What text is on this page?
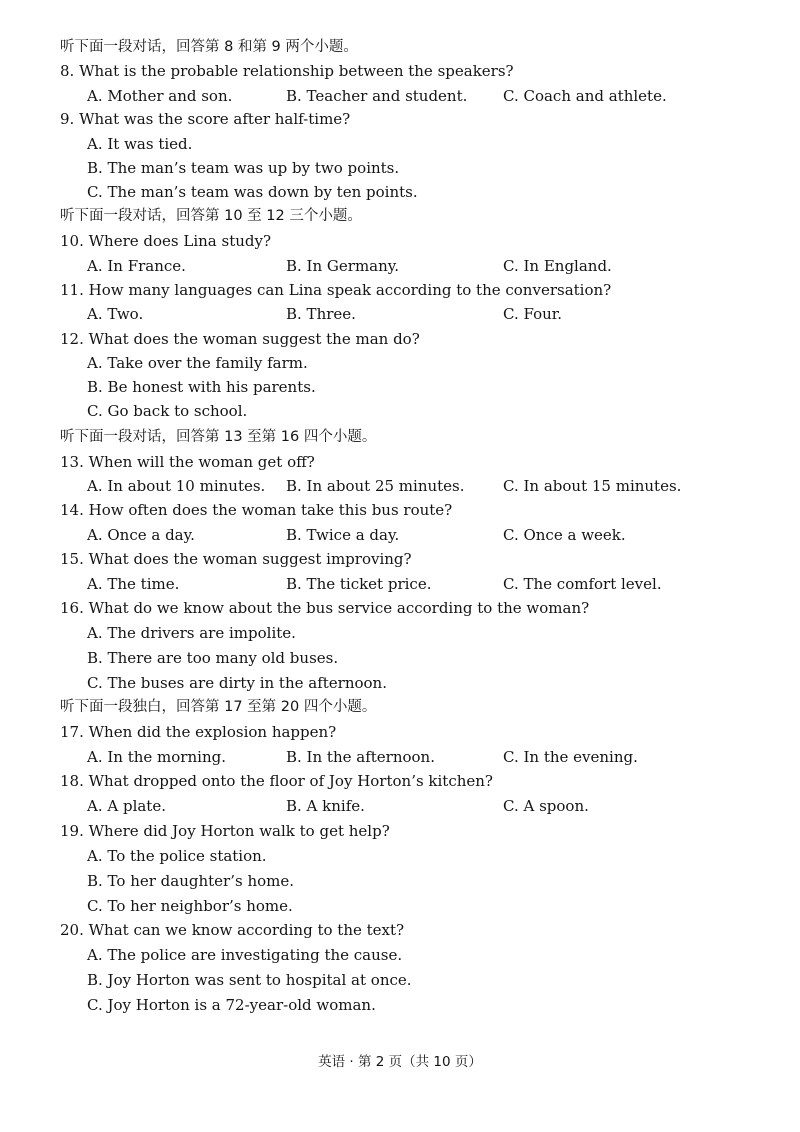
听下面一段对话，回答第 8 和第 9 两个小题。
8. What is the probable relationship between the speakers?
A. Mother and son.	B. Teacher and student. C. Coach and athlete.
9. What was the score after half-time?
A. It was tied.
B. The man’s team was up by two points.
C. The man’s team was down by ten points.
听下面一段对话，回答第 10 至 12 三个小题。
10. Where does Lina study?
A. In France.	B. In Germany.	C. In England.
11. How many languages can Lina speak according to the conversation?
A. Two.	B. Three.	C. Four.
12. What does the woman suggest the man do?
A. Take over the family farm.
B. Be honest with his parents.
C. Go back to school.
听下面一段对话，回答第 13 至第 16 四个小题。
13. When will the woman get off?
A. In about 10 minutes. B. In about 25 minutes.	C. In about 15 minutes.
14. How often does the woman take this bus route?
A. Once a day.	B. Twice a day.	C. Once a week.
15. What does the woman suggest improving?
A. The time.	B. The ticket price.	C. The comfort level.
16. What do we know about the bus service according to the woman?
A. The drivers are impolite.
B. There are too many old buses.
C. The buses are dirty in the afternoon.
听下面一段独白，回答第 17 至第 20 四个小题。
17. When did the explosion happen?
A. In the morning.	B. In the afternoon.	C. In the evening.
18. What dropped onto the floor of Joy Horton’s kitchen?
A. A plate.	B. A knife.	C. A spoon.
19. Where did Joy Horton walk to get help?
A. To the police station.
B. To her daughter’s home.
C. To her neighbor’s home.
20. What can we know according to the text?
A. The police are investigating the cause.
B. Joy Horton was sent to hospital at once.
C. Joy Horton is a 72-year-old woman.
英语 · 第 2 页（共 10 页）
